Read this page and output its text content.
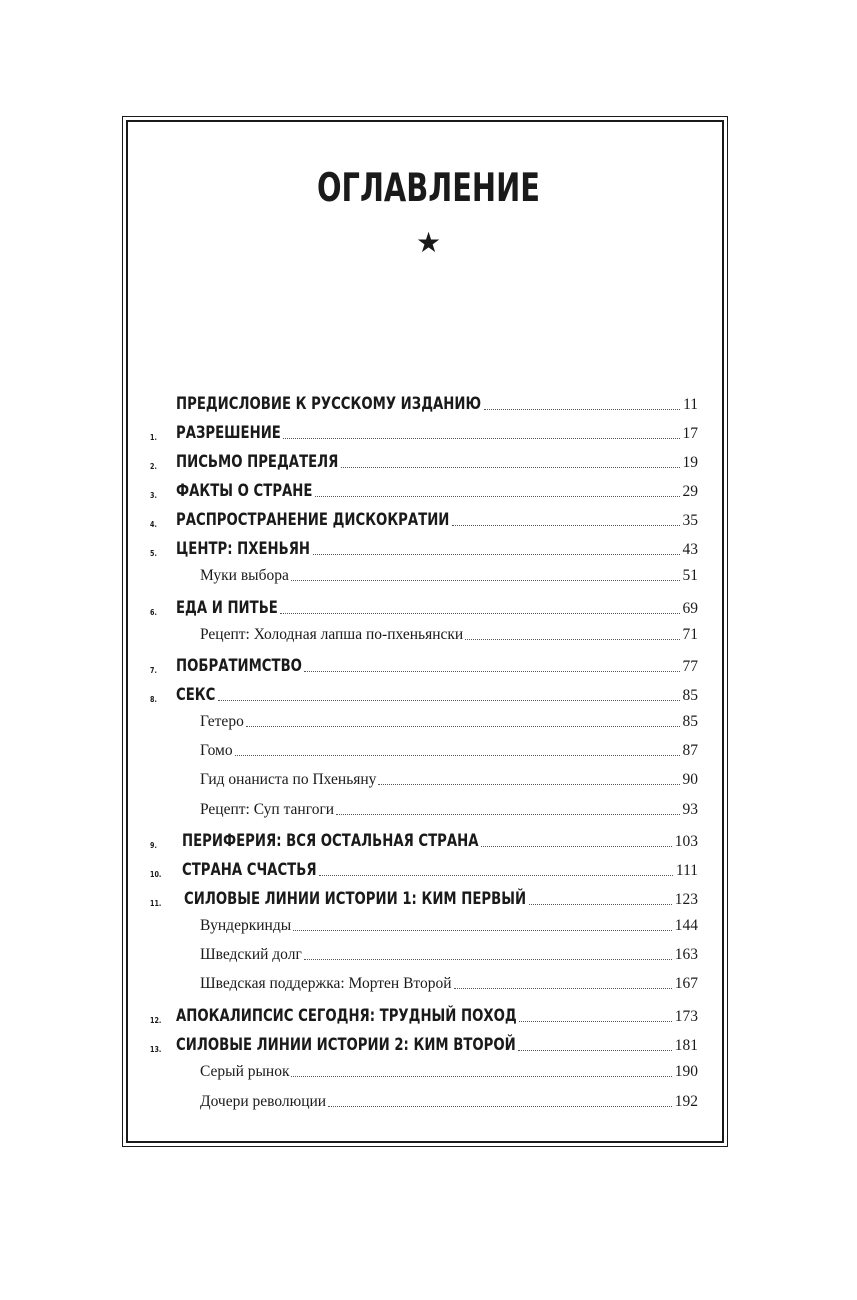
ОГЛАВЛЕНИЕ
★
ПРЕДИСЛОВИЕ К РУССКОМУ ИЗДАНИЮ	11
1. РАЗРЕШЕНИЕ	17
2. ПИСЬМО ПРЕДАТЕЛЯ	19
3. ФАКТЫ О СТРАНЕ	29
4. РАСПРОСТРАНЕНИЕ ДИСКОКРАТИИ	35
5. ЦЕНТР: ПХЕНЬЯН	43
Муки выбора	51
6. ЕДА И ПИТЬЕ	69
Рецепт: Холодная лапша по-пхеньянски	71
7. ПОБРАТИМСТВО	77
8. СЕКС	85
Гетеро	85
Гомо	87
Гид онаниста по Пхеньяну	90
Рецепт: Суп тангоги	93
9. ПЕРИФЕРИЯ: ВСЯ ОСТАЛЬНАЯ СТРАНА	103
10. СТРАНА СЧАСТЬЯ	111
11. СИЛОВЫЕ ЛИНИИ ИСТОРИИ 1: КИМ ПЕРВЫЙ	123
Вундеркинды	144
Шведский долг	163
Шведская поддержка: Мортен Второй	167
12. АПОКАЛИПСИС СЕГОДНЯ: ТРУДНЫЙ ПОХОД	173
13. СИЛОВЫЕ ЛИНИИ ИСТОРИИ 2: КИМ ВТОРОЙ	181
Серый рынок	190
Дочери революции	192
